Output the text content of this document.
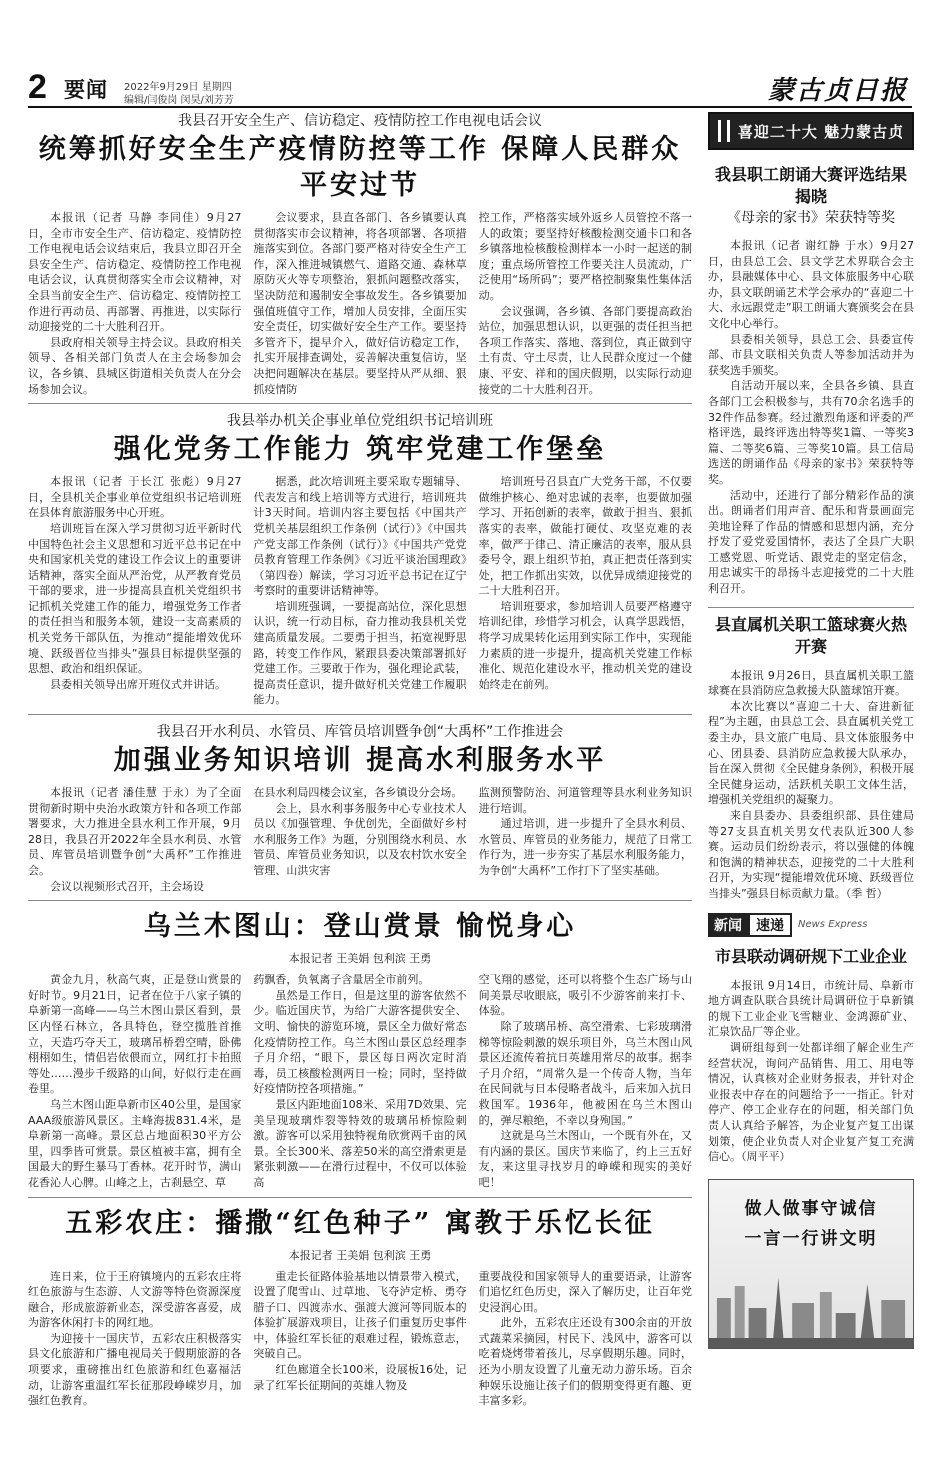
2 要闻 2022年9月29日 星期四
编辑/闫俊岗 闵昊/刘芳芳	蒙古贞日报
我县召开安全生产、信访稳定、疫情防控工作电视电话会议
统筹抓好安全生产疫情防控等工作 保障人民群众平安过节

本报讯（记者 马静 李同佳）9月27日，全市市安全生产、信访稳定、疫情防控工作电视电话会议结束后，我县立即召开全县安全生产、信访稳定、疫情防控工作电视电话会议，认真贯彻落实全市会议精神，对全县当前安全生产、信访稳定、疫情防控工作进行再动员、再部署、再推进，以实际行动迎接党的二十大胜利召开。

县政府相关领导主持会议。县政府相关领导、各相关部门负责人在主会场参加会议，各乡镇、县城区街道相关负责人在分会场参加会议。

会议要求，县直各部门、各乡镇要认真贯彻落实市会议精神，将各项部署、各项措施落实到位。各部门要严格对待安全生产工作，深入推进城镇燃气、道路交通、森林草原防灭火等专项整治，狠抓问题整改落实，坚决防范和遏制安全事故发生。各乡镇要加强值班值守工作，增加人员安排，全面压实安全责任，切实做好安全生产工作。要坚持多管齐下，提早介入，做好信访稳定工作，扎实开展排查调处，妥善解决重复信访，坚决把问题解决在基层。要坚持从严从细、狠抓疫情防

控工作，严格落实域外返乡人员管控不落一人的政策；要坚持好核酸检测交通卡口和各乡镇落地检核酸检测样本一小时一起送的制度；重点场所管控工作要关注人员流动，广泛使用“场所码”；要严格控制聚集性集体活动。

会议强调，各乡镇、各部门要提高政治站位，加强思想认识，以更强的责任担当把各项工作落实、落地、落到位，真正做到守土有责、守土尽责，让人民群众度过一个健康、平安、祥和的国庆假期，以实际行动迎接党的二十大胜利召开。

我县举办机关企事业单位党组织书记培训班
强化党务工作能力 筑牢党建工作堡垒

本报讯（记者 于长江 张彪）9月27日，全县机关企事业单位党组织书记培训班在县体育旅游服务中心开班。

培训班旨在深入学习贯彻习近平新时代中国特色社会主义思想和习近平总书记在中央和国家机关党的建设工作会议上的重要讲话精神，落实全面从严治党，从严教育党员干部的要求，进一步提高县直机关党组织书记抓机关党建工作的能力，增强党务工作者的责任担当和服务本领，建设一支高素质的机关党务干部队伍，为推动“提能增效优环境、跃级晋位当排头”强县目标提供坚强的思想、政治和组织保证。

县委相关领导出席开班仪式并讲话。

据悉，此次培训班主要采取专题辅导、代表发言和线上培训等方式进行，培训班共计3天时间。培训内容主要包括《中国共产党机关基层组织工作条例（试行）》《中国共产党支部工作条例（试行）》《中国共产党党员教育管理工作条例》《习近平谈治国理政》（第四卷）解读，学习习近平总书记在辽宁考察时的重要讲话精神等。

培训班强调，一要提高站位，深化思想认识，统一行动目标，奋力推动我县机关党建高质量发展。二要勇于担当，拓宽视野思路，转变工作作风，紧跟县委决策部署抓好党建工作。三要敢于作为，强化理论武装，提高责任意识，提升做好机关党建工作履职能力。

培训班号召县直广大党务干部，不仅要做维护核心、绝对忠诚的表率，也要做加强学习、开拓创新的表率，做敢于担当、狠抓落实的表率，做能打硬仗、攻坚克难的表率，做严于律己、清正廉洁的表率，服从县委号令，跟上组织节拍，真正把责任落到实处，把工作抓出实效，以优异成绩迎接党的二十大胜利召开。

培训班要求，参加培训人员要严格遵守培训纪律，珍惜学习机会，认真学思践悟，将学习成果转化运用到实际工作中，实现能力素质的进一步提升，提高机关党建工作标准化、规范化建设水平，推动机关党的建设始终走在前列。

我县召开水利员、水管员、库管员培训暨争创“大禹杯”工作推进会
加强业务知识培训 提高水利服务水平

本报讯（记者 潘佳慧 于永）为了全面贯彻新时期中央治水政策方针和各项工作部署要求，大力推进全县水利工作开展，9月28日，我县召开2022年全县水利员、水管员、库管员培训暨争创“大禹杯”工作推进会。

会议以视频形式召开，主会场设

在县水利局四楼会议室，各乡镇设分会场。

会上，县水利事务服务中心专业技术人员以《加强管理、争优创先，全面做好乡村水利服务工作》为题，分别围绕水利员、水管员、库管员业务知识，以及农村饮水安全管理、山洪灾害

监测预警防治、河道管理等县水利业务知识进行培训。

通过培训，进一步提升了全县水利员、水管员、库管员的业务能力，规范了日常工作行为，进一步夯实了基层水利服务能力，为争创“大禹杯”工作打下了坚实基础。

乌兰木图山：登山赏景 愉悦身心
本报记者 王美娟 包利滨 王勇

黄金九月，秋高气爽，正是登山赏景的好时节。9月21日，记者在位于八家子镇的阜新第一高峰——乌兰木图山景区看到，景区内怪石林立，各具特色，登空揽胜首推立，天造巧夺天工，玻璃吊桥碧空晴，卧佛栩栩如生，情侣岩依偎而立，网红打卡拍照等处……漫步千级路的山间，好似行走在画卷里。

乌兰木图山距阜新市区40公里，是国家AAA级旅游风景区。主峰海拔831.4米，是阜新第一高峰。景区总占地面积30平方公里，四季皆可赏景。景区植被丰富，拥有全国最大的野生暴马丁香林。花开时节，满山花香沁人心脾。山峰之上，古刹悬空、草

药飘香，负氧离子含量居全市前列。

虽然是工作日，但是这里的游客依然不少。临近国庆节，为给广大游客提供安全、文明、愉快的游览环境，景区全力做好常态化疫情防控工作。乌兰木图山景区总经理李子月介绍，“眼下，景区每日两次定时消毒，员工核酸检测两日一检；同时，坚持做好疫情防控各项措施。”

景区内距地面108米、采用7D效果、完美呈现玻璃炸裂等特效的玻璃吊桥惊险刺激。游客可以采用独特视角欣赏两千亩的风景。全长300米、落差50米的高空滑索更是紧张刺激——在滑行过程中，不仅可以体验高

空飞翔的感觉，还可以将整个生态广场与山间美景尽收眼底，吸引不少游客前来打卡、体验。

除了玻璃吊桥、高空滑索、七彩玻璃滑梯等惊险刺激的娱乐项目外，乌兰木图山风景区还流传着抗日英雄用常尽的故事。据李子月介绍，“周常久是一个传奇人物，当年在民间就与日本侵略者战斗，后来加入抗日救国军。1936年，他被困在乌兰木图山的，弹尽粮绝，不幸以身殉国。”

这就是乌兰木图山，一个既有外在，又有内涵的景区。国庆节来临了，约上三五好友，来这里寻找岁月的峥嵘和现实的美好吧！

五彩农庄：播撒“红色种子” 寓教于乐忆长征
本报记者 王美娟 包利滨 王勇

连日来，位于王府镇境内的五彩农庄将红色旅游与生态游、人文游等特色资源深度融合，形成旅游新业态，深受游客喜爱，成为游客休闲打卡的网红地。

为迎接十一国庆节，五彩农庄积极落实县文化旅游和广播电视局关于假期旅游的各项要求，重磅推出红色旅游和红色嘉福活动，让游客重温红军长征那段峥嵘岁月，加强红色教育。

重走长征路体验基地以情景带入模式，设置了爬雪山、过草地、飞夺泸定桥、勇夺腊子口、四渡赤水、强渡大渡河等同版本的体验扩展游戏项目，让孩子们重复历史事件中，体验红军长征的艰难过程，锻炼意志，突破自己。

红色廊道全长100米，设展板16处，记录了红军长征期间的英雄人物及

重要战役和国家领导人的重要语录，让游客们追忆红色历史，深入了解历史，让百年党史浸润心田。

此外，五彩农庄还设有300余亩的开放式蔬菜采摘园，村民下、浅风中，游客可以吃着烧烤带着孩儿，尽享假期乐趣。同时，还为小朋友设置了儿童无动力游乐场。百余种娱乐设施让孩子们的假期变得更有趣、更丰富多彩。

喜迎二十大 魅力蒙古贞
我县职工朗诵大赛评选结果揭晓
《母亲的家书》荣获特等奖

本报讯（记者 谢红静 于水）9月27日，由县总工会、县文学艺术界联合会主办，县融媒体中心、县文体旅服务中心联办，县文联朗诵艺术学会承办的“喜迎二十大、永远跟党走”职工朗诵大赛颁奖会在县文化中心举行。

县委相关领导，县总工会、县委宣传部、市县文联相关负责人等参加活动并为获奖选手颁奖。

自活动开展以来，全县各乡镇、县直各部门工会积极参与，共有70余名选手的32件作品参赛。经过激烈角逐和评委的严格评选，最终评选出特等奖1篇、一等奖3篇、二等奖6篇、三等奖10篇。县工信局选送的朗诵作品《母亲的家书》荣获特等奖。

活动中，还进行了部分精彩作品的演出。朗诵者们用声音、配乐和背景画面完美地诠释了作品的情感和思想内涵，充分抒发了爱党爱国情怀，表达了全县广大职工感党恩、听党话、跟党走的坚定信念，用忠诚实干的昂扬斗志迎接党的二十大胜利召开。

县直属机关职工篮球赛火热开赛

本报讯 9月26日，县直属机关职工篮球赛在县消防应急救援大队篮球馆开赛。

本次比赛以“喜迎二十大、奋进新征程”为主题，由县总工会、县直属机关党工委主办，县文旅广电局、县文体旅服务中心、团县委、县消防应急救援大队承办，旨在深入贯彻《全民健身条例》，积极开展全民健身运动，活跃机关职工文体生活，增强机关党组织的凝聚力。

来自县委办、县委组织部、县住建局等27支县直机关男女代表队近300人参赛。运动员们纷纷表示，将以强健的体魄和饱满的精神状态，迎接党的二十大胜利召开，为实现“提能增效优环境、跃级晋位当排头”强县目标贡献力量。（季 哲）

新闻	速递	News Express
市县联动调研规下工业企业

本报讯 9月14日，市统计局、阜新市地方调查队联合县统计局调研位于阜新镇的规下工业企业飞雪糖业、金鸿源矿业、汇泉饮品厂等企业。

调研组每到一处都详细了解企业生产经营状况，询问产品销售、用工、用电等情况，认真核对企业财务报表，并针对企业报表中存在的问题给予一一指正。针对停产、停工企业存在的问题，相关部门负责人认真给予解答，为企业复产复工出谋划策，使企业负责人对企业复产复工充满信心。（周平平）

做人做事守诚信
一言一行讲文明
